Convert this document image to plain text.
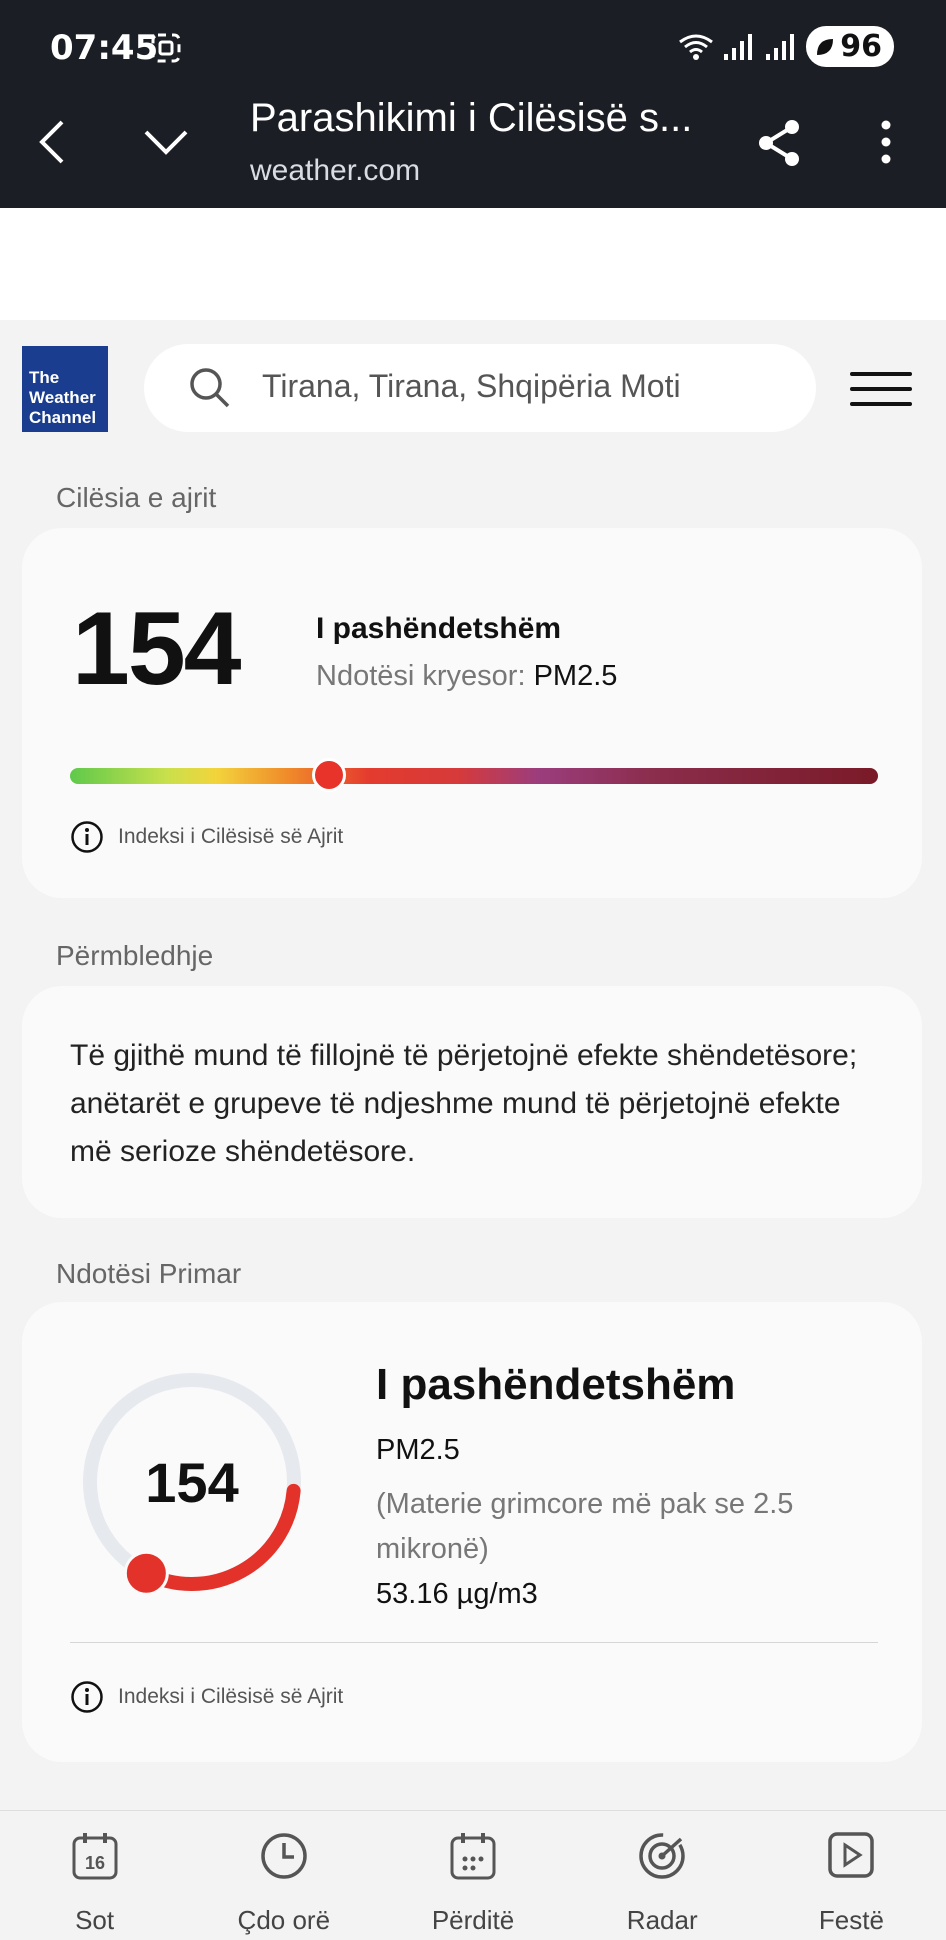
07:45	96
Parashikimi i Cilësisë s...
weather.com
The
Weather
Channel
Tirana, Tirana, Shqipëria Moti
Cilësia e ajrit
154	I pashëndetshëm
Ndotësi kryesor: PM2.5
Indeksi i Cilësisë së Ajrit
Përmbledhje
Të gjithë mund të fillojnë të përjetojnë efekte shëndetësore; anëtarët e grupeve të ndjeshme mund të përjetojnë efekte më serioze shëndetësore.
Ndotësi Primar
154
I pashëndetshëm
PM2.5
(Materie grimcore më pak se 2.5 mikronë)
53.16 µg/m3
Indeksi i Cilësisë së Ajrit
16
Sot	Çdo orë	Përditë	Radar	Festë
